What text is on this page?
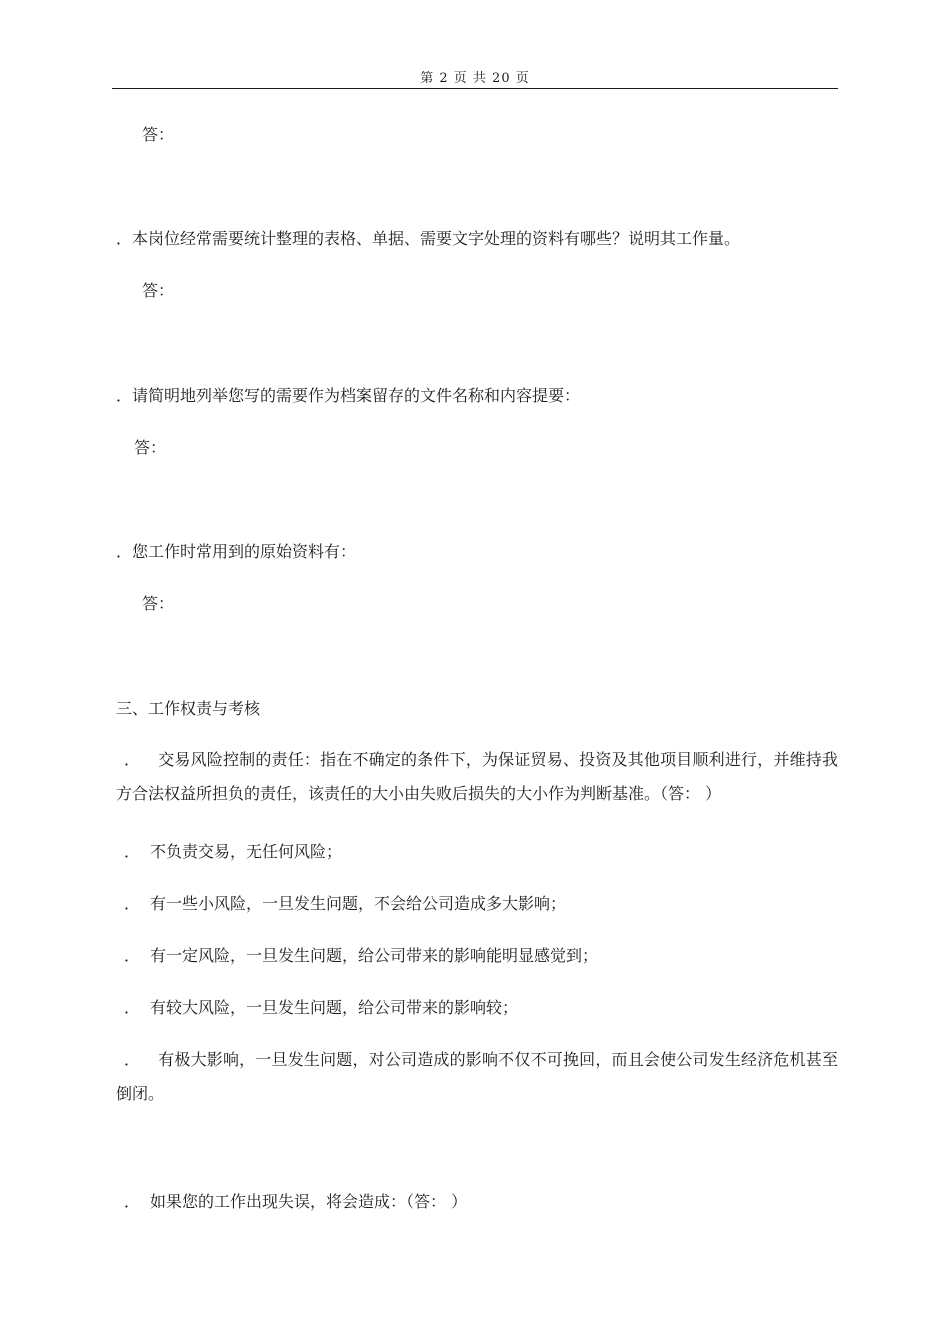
第 2 页 共 20 页
答：
．本岗位经常需要统计整理的表格、单据、需要文字处理的资料有哪些？说明其工作量。
答：
．请简明地列举您写的需要作为档案留存的文件名称和内容提要：
答：
．您工作时常用到的原始资料有：
答：
三、工作权责与考核
． 交易风险控制的责任：指在不确定的条件下，为保证贸易、投资及其他项目顺利进行，并维持我方合法权益所担负的责任，该责任的大小由失败后损失的大小作为判断基准。（答： ）
． 不负责交易，无任何风险；
． 有一些小风险，一旦发生问题，不会给公司造成多大影响；
． 有一定风险，一旦发生问题，给公司带来的影响能明显感觉到；
． 有较大风险，一旦发生问题，给公司带来的影响较；
． 有极大影响，一旦发生问题，对公司造成的影响不仅不可挽回，而且会使公司发生经济危机甚至倒闭。
． 如果您的工作出现失误，将会造成：（答： ）
